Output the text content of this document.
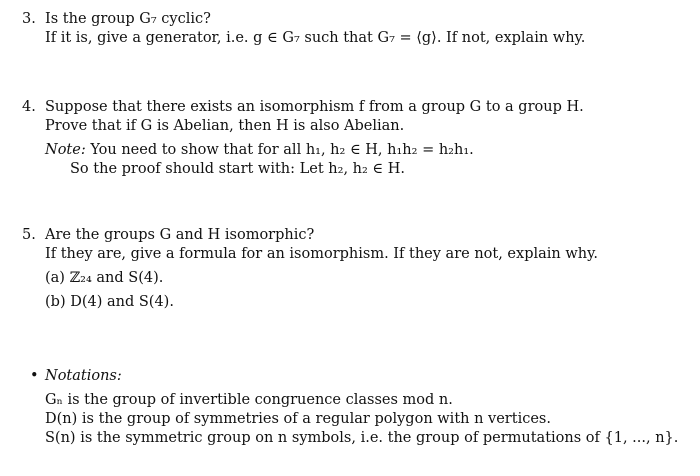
3. Is the group G₇ cyclic?
If it is, give a generator, i.e. g ∈ G₇ such that G₇ = ⟨g⟩. If not, explain why.
4. Suppose that there exists an isomorphism f from a group G to a group H.
Prove that if G is Abelian, then H is also Abelian.
Note: You need to show that for all h₁, h₂ ∈ H, h₁h₂ = h₂h₁.
So the proof should start with: Let h₂, h₂ ∈ H.
5. Are the groups G and H isomorphic?
If they are, give a formula for an isomorphism. If they are not, explain why.
(a) ℤ₂₄ and S(4).
(b) D(4) and S(4).
• Notations:
Gₙ is the group of invertible congruence classes mod n.
D(n) is the group of symmetries of a regular polygon with n vertices.
S(n) is the symmetric group on n symbols, i.e. the group of permutations of {1, ..., n}.
